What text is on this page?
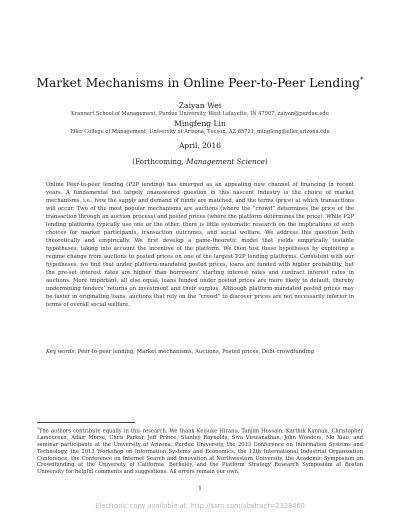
Market Mechanisms in Online Peer-to-Peer Lending*
Zaiyan Wei
Krannert School of Management, Purdue University, West Lafayette, IN 47907, zaiyan@purdue.edu
Mingfeng Lin
Eller College of Management, University of Arizona, Tucson, AZ 85721, mingfeng@eller.arizona.edu
April, 2016
(Forthcoming, Management Science)
Online Peer-to-peer lending (P2P lending) has emerged as an appealing new channel of financing in recent years. A fundamental but largely unanswered question in this nascent industry is the choice of market mechanisms, i.e., how the supply and demand of funds are matched, and the terms (price) at which transactions will occur. Two of the most popular mechanisms are auctions (where the “crowd” determines the price of the transaction through an auction process) and posted prices (where the platform determines the price). While P2P lending platforms typically use one or the other, there is little systematic research on the implications of such choices for market participants, transaction outcomes, and social welfare. We address this question both theoretically and empirically. We first develop a game-theoretic model that yields empirically testable hypotheses, taking into account the incentive of the platform. We then test these hypotheses by exploiting a regime change from auctions to posted prices on one of the largest P2P lending platforms. Consistent with our hypotheses, we find that under platform-mandated posted prices, loans are funded with higher probability, but the pre-set interest rates are higher than borrowers’ starting interest rates and contract interest rates in auctions. More important, all else equal, loans funded under posted prices are more likely to default, thereby undermining lenders’ returns on investment and their surplus. Although platform-mandated posted prices may be faster in originating loans, auctions that rely on the “crowd” to discover prices are not necessarily inferior in terms of overall social welfare.
Key words: Peer-to-peer lending, Market mechanisms, Auctions, Posted prices, Debt crowdfunding
*The authors contribute equally in this research. We thank Keisuke Hirano, Tanjim Hossain, Karthik Kannan, Christopher Lamoureux, Adair Morse, Chris Parker, Jeff Prince, Stanley Reynolds, Siva Viswanathan, John Wooders, Mo Xiao, and seminar participants at the University of Arizona, Purdue University, the 2013 Conference on Information Systems and Technology, the 2013 Workshop on Information Systems and Economics, the 12th International Industrial Organization Conference, the Conference on Internet Search and Innovation at Northwestern University, the Academic Symposium on Crowdfunding at the University of California, Berkeley, and the Platform Strategy Research Symposium at Boston University for helpful comments and suggestions. All errors remain our own.
1
Electronic copy available at: http://ssrn.com/abstract=2328460
